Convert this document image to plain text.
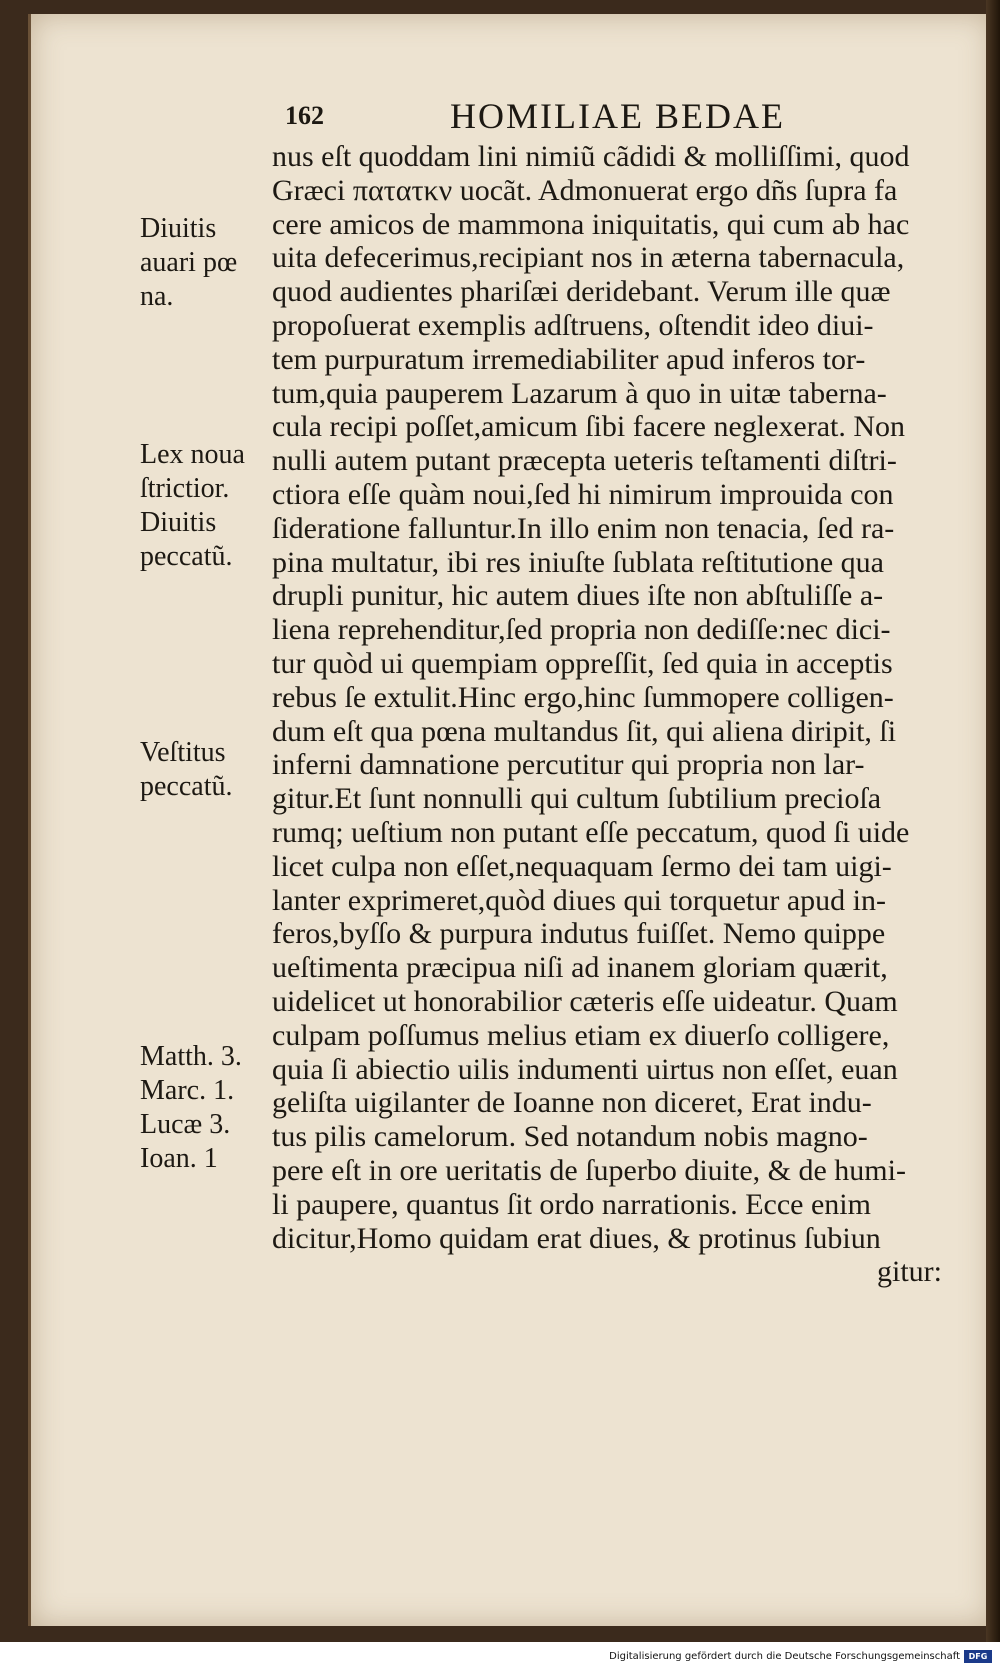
162	HOMILIAE BEDAE
nus eſt quoddam lini nimiũ cãdidi & molliſſimi, quod
Græci πατατκν uocãt. Admonuerat ergo dñs ſupra fa
cere amicos de mammona iniquitatis, qui cum ab hac
uita defecerimus,recipiant nos in æterna tabernacula,
quod audientes phariſæi deridebant. Verum ille quæ
propoſuerat exemplis adſtruens, oſtendit ideo diui-
tem purpuratum irremediabiliter apud inferos tor-
tum,quia pauperem Lazarum à quo in uitæ taberna-
cula recipi poſſet,amicum ſibi facere neglexerat. Non
nulli autem putant præcepta ueteris teſtamenti diſtri-
ctiora eſſe quàm noui,ſed hi nimirum improuida con
ſideratione falluntur.In illo enim non tenacia, ſed ra-
pina multatur, ibi res iniuſte ſublata reſtitutione qua
drupli punitur, hic autem diues iſte non abſtuliſſe a-
liena reprehenditur,ſed propria non dediſſe:nec dici-
tur quòd ui quempiam oppreſſit, ſed quia in acceptis
rebus ſe extulit.Hinc ergo,hinc ſummopere colligen-
dum eſt qua pœna multandus ſit, qui aliena diripit, ſi
inferni damnatione percutitur qui propria non lar-
gitur.Et ſunt nonnulli qui cultum ſubtilium precioſa
rumq; ueſtium non putant eſſe peccatum, quod ſi uide
licet culpa non eſſet,nequaquam ſermo dei tam uigi-
lanter exprimeret,quòd diues qui torquetur apud in-
feros,byſſo & purpura indutus fuiſſet. Nemo quippe
ueſtimenta præcipua niſi ad inanem gloriam quærit,
uidelicet ut honorabilior cæteris eſſe uideatur. Quam
culpam poſſumus melius etiam ex diuerſo colligere,
quia ſi abiectio uilis indumenti uirtus non eſſet, euan
geliſta uigilanter de Ioanne non diceret, Erat indu-
tus pilis camelorum. Sed notandum nobis magno-
pere eſt in ore ueritatis de ſuperbo diuite, & de humi-
li paupere, quantus ſit ordo narrationis. Ecce enim
dicitur,Homo quidam erat diues, & protinus ſubiun
gitur:
Diuitis
auari pœ
na.
Lex noua
ſtrictior.
Diuitis
peccatũ.
Veſtitus
peccatũ.
Matth. 3.
Marc. 1.
Lucæ 3.
Ioan. 1
Digitalisierung gefördert durch die Deutsche Forschungsgemeinschaft	DFG
